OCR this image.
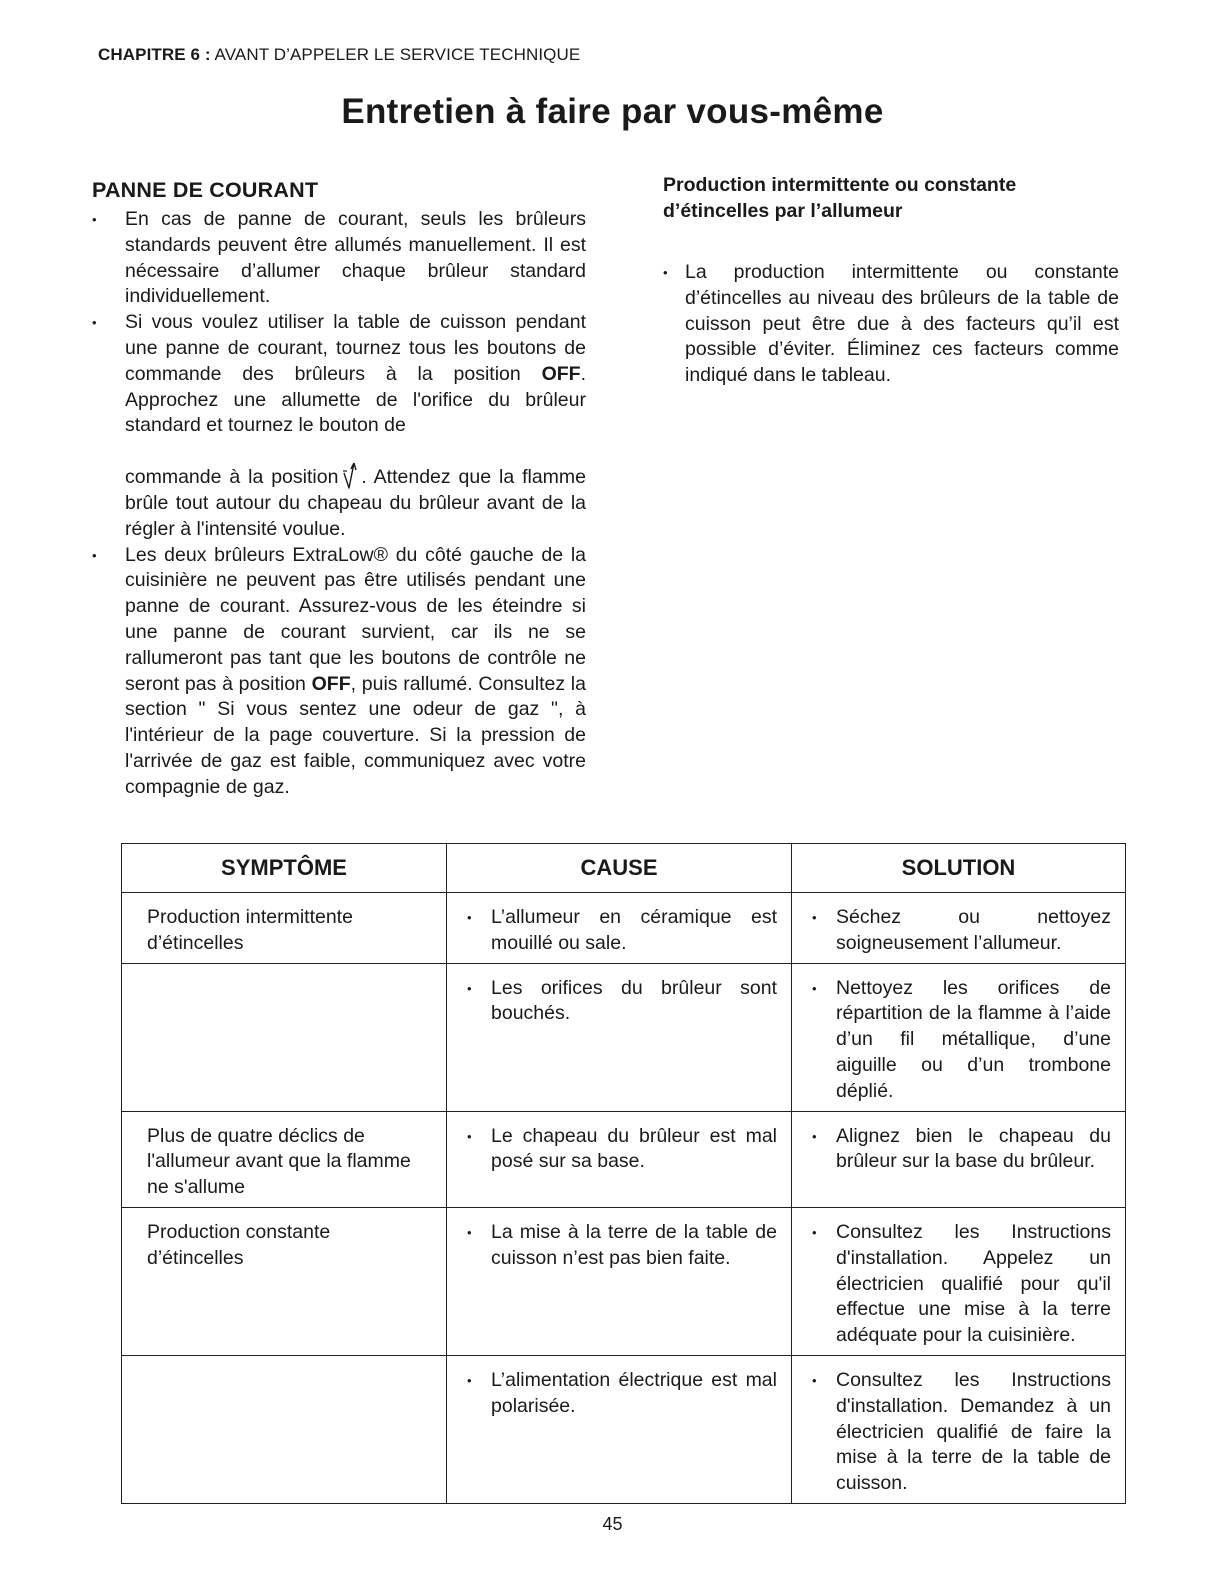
CHAPITRE 6 : AVANT D’APPELER LE SERVICE TECHNIQUE
Entretien à faire par vous-même
PANNE DE COURANT
• En cas de panne de courant, seuls les brûleurs standards peuvent être allumés manuellement. Il est nécessaire d’allumer chaque brûleur standard individuellement.
• Si vous voulez utiliser la table de cuisson pendant une panne de courant, tournez tous les boutons de commande des brûleurs à la position OFF. Approchez une allumette de l'orifice du brûleur standard et tournez le bouton de
commande à la position . Attendez que la flamme brûle tout autour du chapeau du brûleur avant de la régler à l'intensité voulue.
• Les deux brûleurs ExtraLow® du côté gauche de la cuisinière ne peuvent pas être utilisés pendant une panne de courant. Assurez-vous de les éteindre si une panne de courant survient, car ils ne se rallumeront pas tant que les boutons de contrôle ne seront pas à position OFF, puis rallumé. Consultez la section " Si vous sentez une odeur de gaz ", à l'intérieur de la page couverture. Si la pression de l'arrivée de gaz est faible, communiquez avec votre compagnie de gaz.
Production intermittente ou constante d’étincelles par l’allumeur
• La production intermittente ou constante d’étincelles au niveau des brûleurs de la table de cuisson peut être due à des facteurs qu’il est possible d’éviter. Éliminez ces facteurs comme indiqué dans le tableau.
SYMPTÔME	CAUSE	SOLUTION

Production intermittente d’étincelles	• L’allumeur en céramique est mouillé ou sale.	• Séchez ou nettoyez soigneusement l’allumeur.

	• Les orifices du brûleur sont bouchés.	• Nettoyez les orifices de répartition de la flamme à l’aide d’un fil métallique, d’une aiguille ou d’un trombone déplié.

Plus de quatre déclics de l'allumeur avant que la flamme ne s'allume	• Le chapeau du brûleur est mal posé sur sa base.	• Alignez bien le chapeau du brûleur sur la base du brûleur.

Production constante d’étincelles	• La mise à la terre de la table de cuisson n’est pas bien faite.	• Consultez les Instructions d'installation. Appelez un électricien qualifié pour qu'il effectue une mise à la terre adéquate pour la cuisinière.

	• L’alimentation électrique est mal polarisée.	• Consultez les Instructions d'installation. Demandez à un électricien qualifié de faire la mise à la terre de la table de cuisson.
45
